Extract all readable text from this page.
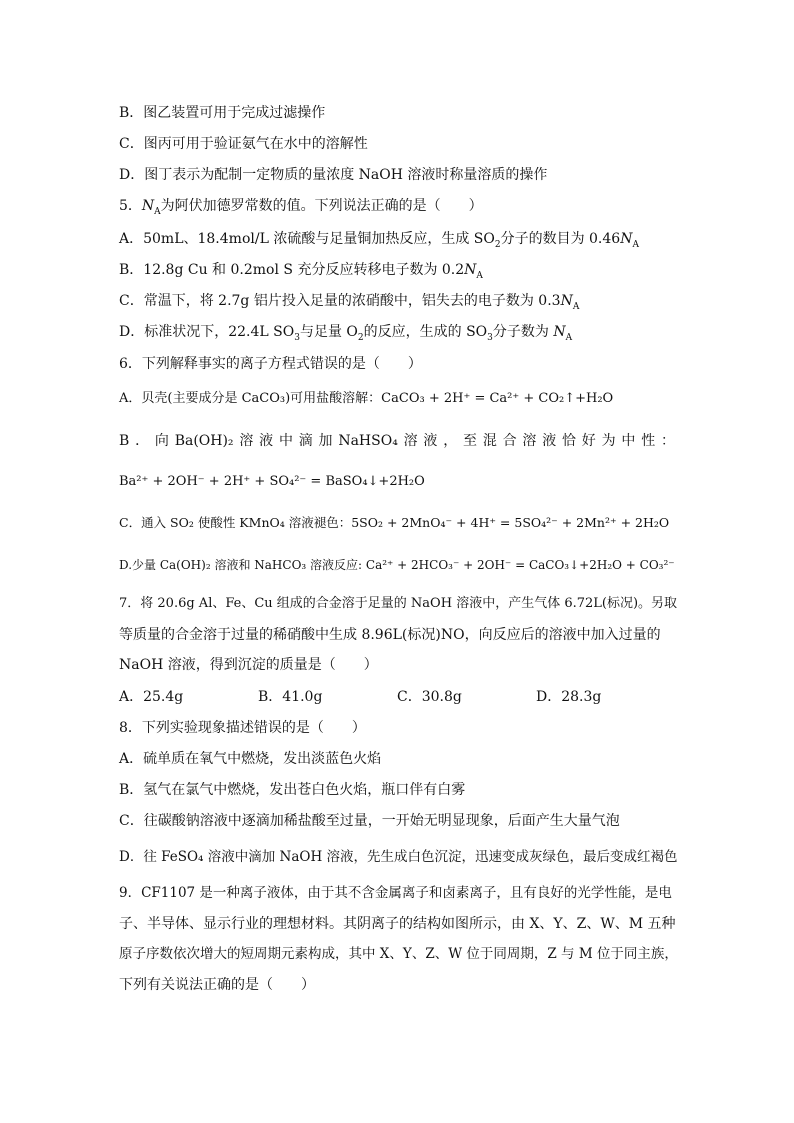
B．图乙装置可用于完成过滤操作
C．图丙可用于验证氨气在水中的溶解性
D．图丁表示为配制一定物质的量浓度 NaOH 溶液时称量溶质的操作
5．$N_A$为阿伏加德罗常数的值。下列说法正确的是（　　）
A．50mL、18.4mol/L 浓硫酸与足量铜加热反应，生成 $SO_2$分子的数目为 $0.46N_A$
B．12.8g Cu 和 0.2mol S 充分反应转移电子数为 $0.2N_A$
C．常温下，将 2.7g 铝片投入足量的浓硝酸中，铝失去的电子数为 $0.3N_A$
D．标准状况下，22.4L $SO_3$与足量 $O_2$的反应，生成的 $SO_3$分子数为 $N_A$
6．下列解释事实的离子方程式错误的是（　　）
A．贝壳(主要成分是 CaCO₃)可用盐酸溶解：CaCO₃ + 2H⁺ = Ca²⁺ + CO₂↑+H₂O
B ． 向 Ba(OH)₂ 溶 液 中 滴 加 NaHSO₄ 溶 液 ， 至 混 合 溶 液 恰 好 为 中 性 ：
Ba²⁺ + 2OH⁻ + 2H⁺ + SO₄²⁻ = BaSO₄↓+2H₂O
C．通入 SO₂ 使酸性 KMnO₄ 溶液褪色：5SO₂ + 2MnO₄⁻ + 4H⁺ = 5SO₄²⁻ + 2Mn²⁺ + 2H₂O
D.少量 Ca(OH)₂ 溶液和 NaHCO₃ 溶液反应: Ca²⁺ + 2HCO₃⁻ + 2OH⁻ = CaCO₃↓+2H₂O + CO₃²⁻
7．将 20.6g Al、Fe、Cu 组成的合金溶于足量的 NaOH 溶液中，产生气体 6.72L(标况)。另取
等质量的合金溶于过量的稀硝酸中生成 8.96L(标况)NO，向反应后的溶液中加入过量的
NaOH 溶液，得到沉淀的质量是（　　）
A．25.4g	B．41.0g	C．30.8g	D．28.3g
8．下列实验现象描述错误的是（　　）
A．硫单质在氧气中燃烧，发出淡蓝色火焰
B．氢气在氯气中燃烧，发出苍白色火焰，瓶口伴有白雾
C．往碳酸钠溶液中逐滴加稀盐酸至过量，一开始无明显现象，后面产生大量气泡
D．往 FeSO₄ 溶液中滴加 NaOH 溶液，先生成白色沉淀，迅速变成灰绿色，最后变成红褐色
9．CF1107 是一种离子液体，由于其不含金属离子和卤素离子，且有良好的光学性能，是电
子、半导体、显示行业的理想材料。其阴离子的结构如图所示，由 X、Y、Z、W、M 五种
原子序数依次增大的短周期元素构成，其中 X、Y、Z、W 位于同周期，Z 与 M 位于同主族，
下列有关说法正确的是（　　）
